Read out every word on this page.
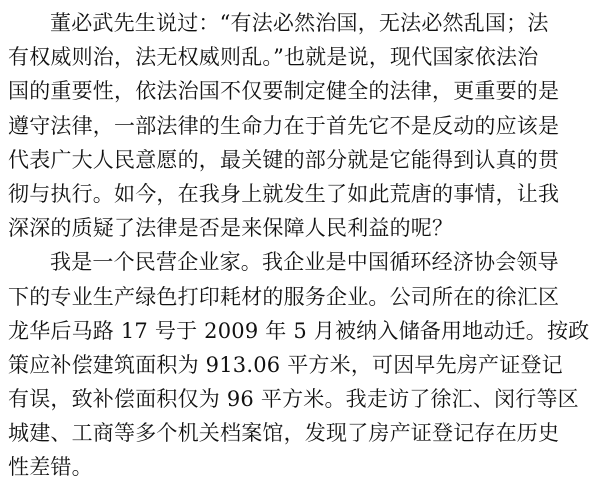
董必武先生说过：“有法必然治国，无法必然乱国；法
有权威则治，法无权威则乱。”也就是说，现代国家依法治
国的重要性，依法治国不仅要制定健全的法律，更重要的是
遵守法律，一部法律的生命力在于首先它不是反动的应该是
代表广大人民意愿的，最关键的部分就是它能得到认真的贯
彻与执行。如今，在我身上就发生了如此荒唐的事情，让我
深深的质疑了法律是否是来保障人民利益的呢？
我是一个民营企业家。我企业是中国循环经济协会领导
下的专业生产绿色打印耗材的服务企业。公司所在的徐汇区
龙华后马路 17 号于 2009 年 5 月被纳入储备用地动迁。按政
策应补偿建筑面积为 913.06 平方米，可因早先房产证登记
有误，致补偿面积仅为 96 平方米。我走访了徐汇、闵行等区
城建、工商等多个机关档案馆，发现了房产证登记存在历史
性差错。
